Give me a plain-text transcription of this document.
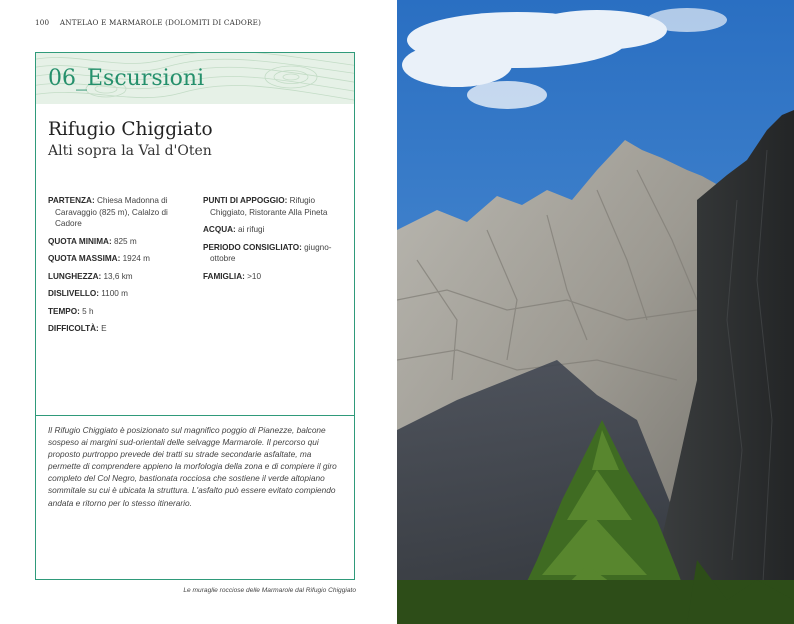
100 ANTELAO E MARMAROLE (DOLOMITI DI CADORE)
06_Escursioni
Rifugio Chiggiato
Alti sopra la Val d'Oten
PARTENZA: Chiesa Madonna di Caravaggio (825 m), Calalzo di Cadore
QUOTA MINIMA: 825 m
QUOTA MASSIMA: 1924 m
LUNGHEZZA: 13,6 km
DISLIVELLO: 1100 m
TEMPO: 5 h
DIFFICOLTÀ: E
PUNTI DI APPOGGIO: Rifugio Chiggiato, Ristorante Alla Pineta
ACQUA: ai rifugi
PERIODO CONSIGLIATO: giugno-ottobre
FAMIGLIA: >10
Il Rifugio Chiggiato è posizionato sul magnifico poggio di Pianezze, balcone sospeso ai margini sud-orientali delle selvagge Marmarole. Il percorso qui proposto purtroppo prevede dei tratti su strade secondarie asfaltate, ma permette di comprendere appieno la morfologia della zona e di compiere il giro completo del Col Negro, bastionata rocciosa che sostiene il verde altopiano sommitale su cui è ubicata la struttura. L'asfalto può essere evitato compiendo andata e ritorno per lo stesso itinerario.
Le muraglie rocciose delle Marmarole dal Rifugio Chiggiato
